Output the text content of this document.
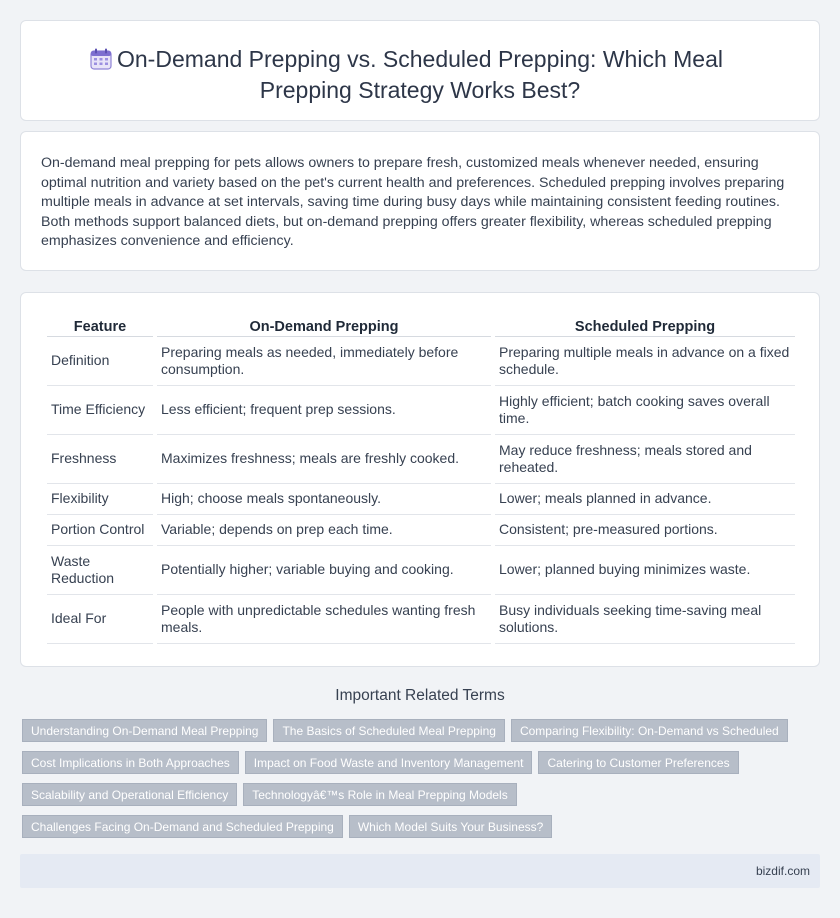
On-Demand Prepping vs. Scheduled Prepping: Which Meal Prepping Strategy Works Best?

On-demand meal prepping for pets allows owners to prepare fresh, customized meals whenever needed, ensuring optimal nutrition and variety based on the pet's current health and preferences. Scheduled prepping involves preparing multiple meals in advance at set intervals, saving time during busy days while maintaining consistent feeding routines. Both methods support balanced diets, but on-demand prepping offers greater flexibility, whereas scheduled prepping emphasizes convenience and efficiency.

Feature	On-Demand Prepping	Scheduled Prepping
Definition	Preparing meals as needed, immediately before consumption.	Preparing multiple meals in advance on a fixed schedule.
Time Efficiency	Less efficient; frequent prep sessions.	Highly efficient; batch cooking saves overall time.
Freshness	Maximizes freshness; meals are freshly cooked.	May reduce freshness; meals stored and reheated.
Flexibility	High; choose meals spontaneously.	Lower; meals planned in advance.
Portion Control	Variable; depends on prep each time.	Consistent; pre-measured portions.
Waste Reduction	Potentially higher; variable buying and cooking.	Lower; planned buying minimizes waste.
Ideal For	People with unpredictable schedules wanting fresh meals.	Busy individuals seeking time-saving meal solutions.
Important Related Terms
Understanding On-Demand Meal Prepping	The Basics of Scheduled Meal Prepping	Comparing Flexibility: On-Demand vs Scheduled
Cost Implications in Both Approaches	Impact on Food Waste and Inventory Management	Catering to Customer Preferences
Scalability and Operational Efficiency	Technologyâ€™s Role in Meal Prepping Models
Challenges Facing On-Demand and Scheduled Prepping	Which Model Suits Your Business?
bizdif.com
